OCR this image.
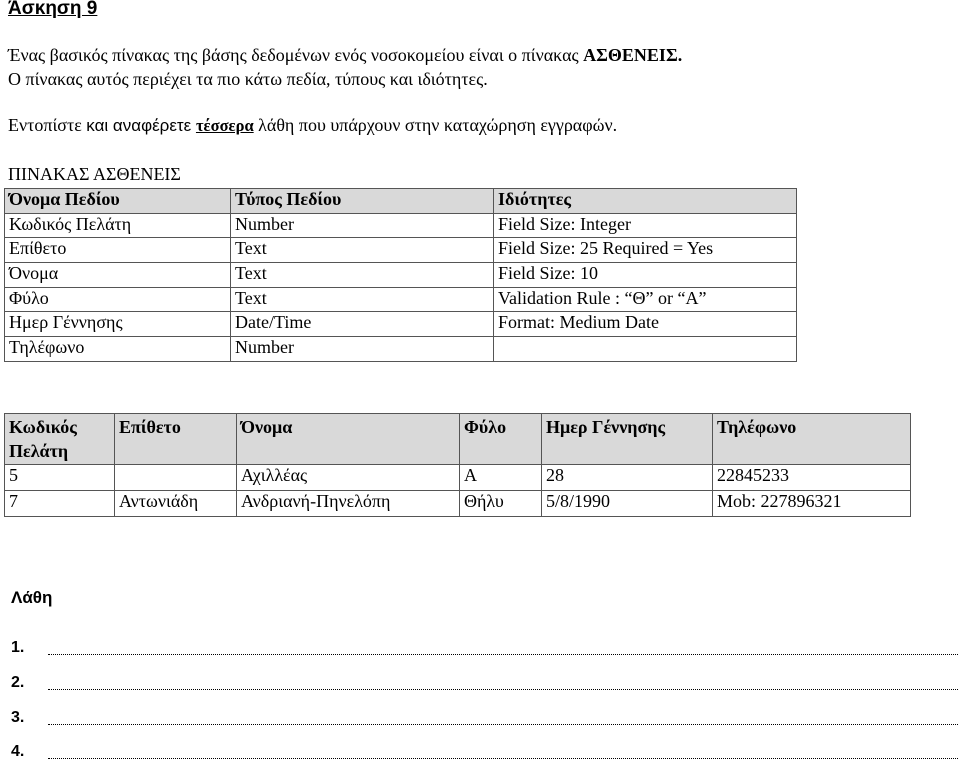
Άσκηση 9
Ένας βασικός πίνακας της βάσης δεδομένων ενός νοσοκομείου είναι ο πίνακας ΑΣΘΕΝΕΙΣ.
Ο πίνακας αυτός περιέχει τα πιο κάτω πεδία, τύπους και ιδιότητες.
Εντοπίστε και αναφέρετε τέσσερα λάθη που υπάρχουν στην καταχώρηση εγγραφών.
ΠΙΝΑΚΑΣ ΑΣΘΕΝΕΙΣ
Όνομα Πεδίου	Τύπος Πεδίου	Ιδιότητες
Κωδικός Πελάτη	Number	Field Size: Integer
Επίθετο	Text	Field Size: 25 Required = Yes
Όνομα	Text	Field Size: 10
Φύλο	Text	Validation Rule : “Θ” or “Α”
Ημερ Γέννησης	Date/Time	Format: Medium Date
Τηλέφωνο	Number	
Κωδικός Πελάτη	Επίθετο	Όνομα	Φύλο	Ημερ Γέννησης	Τηλέφωνο
5		Αχιλλέας	Α	28	22845233
7	Αντωνιάδη	Ανδριανή-Πηνελόπη	Θήλυ	5/8/1990	Mob: 227896321
Λάθη
1.
2.
3.
4.
